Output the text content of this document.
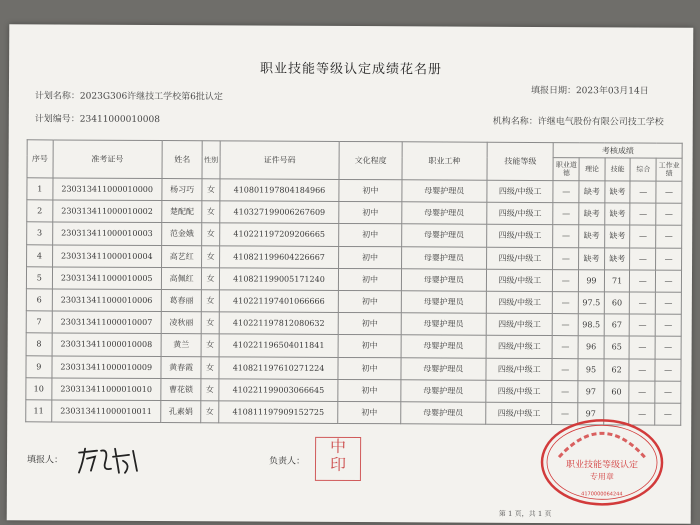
职业技能等级认定成绩花名册
计划名称：2023G306许继技工学校第6批认定
填报日期：2023年03月14日
计划编号：23411000010008	机构名称：许继电气股份有限公司技工学校
序号	准考证号	姓名	性别	证件号码	文化程度	职业工种	技能等级	考核成绩				
								职业道德	理论	技能	综合	工作业绩
1	230313411000010000	杨习巧	女	410801197804184966	初中	母婴护理员	四级/中级工	—	缺考	缺考	—	—
2	230313411000010002	楚配配	女	410327199006267609	初中	母婴护理员	四级/中级工	—	缺考	缺考	—	—
3	230313411000010003	范金娥	女	410221197209206665	初中	母婴护理员	四级/中级工	—	缺考	缺考	—	—
4	230313411000010004	高艺红	女	410821199604226667	初中	母婴护理员	四级/中级工	—	缺考	缺考	—	—
5	230313411000010005	高佩红	女	410821199005171240	初中	母婴护理员	四级/中级工	—	99	71	—	—
6	230313411000010006	葛春丽	女	410221197401066666	初中	母婴护理员	四级/中级工	—	97.5	60	—	—
7	230313411000010007	凌秋丽	女	410221197812080632	初中	母婴护理员	四级/中级工	—	98.5	67	—	—
8	230313411000010008	黄兰	女	410221196504011841	初中	母婴护理员	四级/中级工	—	96	65	—	—
9	230313411000010009	黄春霞	女	410821197610271224	初中	母婴护理员	四级/中级工	—	95	62	—	—
10	230313411000010010	曹花锁	女	410221199003066645	初中	母婴护理员	四级/中级工	—	97	60	—	—
11	230313411000010011	孔素娟	女	410811197909152725	初中	母婴护理员	四级/中级工	—	97		—	—
填报人：	负责人：
中
印	职业技能等级认定
专用章
4170000064244
第 1 页，共 1 页
